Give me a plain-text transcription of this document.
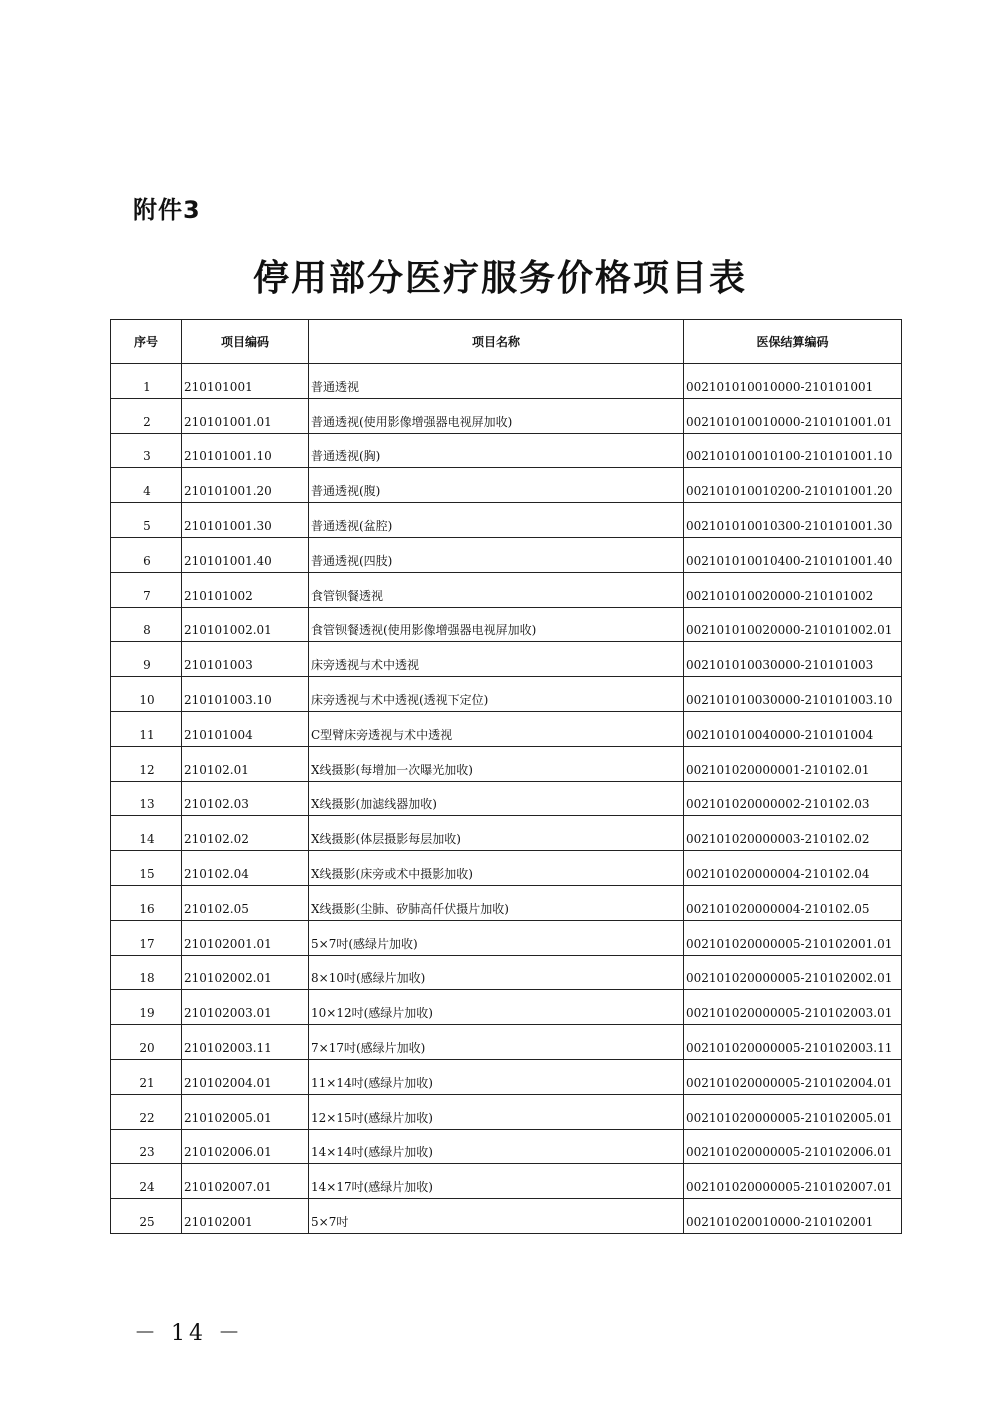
附件3
停用部分医疗服务价格项目表
序号	项目编码	项目名称	医保结算编码
1	210101001	普通透视	002101010010000-210101001
2	210101001.01	普通透视(使用影像增强器电视屏加收)	002101010010000-210101001.01
3	210101001.10	普通透视(胸)	002101010010100-210101001.10
4	210101001.20	普通透视(腹)	002101010010200-210101001.20
5	210101001.30	普通透视(盆腔)	002101010010300-210101001.30
6	210101001.40	普通透视(四肢)	002101010010400-210101001.40
7	210101002	食管钡餐透视	002101010020000-210101002
8	210101002.01	食管钡餐透视(使用影像增强器电视屏加收)	002101010020000-210101002.01
9	210101003	床旁透视与术中透视	002101010030000-210101003
10	210101003.10	床旁透视与术中透视(透视下定位)	002101010030000-210101003.10
11	210101004	C型臂床旁透视与术中透视	002101010040000-210101004
12	210102.01	X线摄影(每增加一次曝光加收)	002101020000001-210102.01
13	210102.03	X线摄影(加滤线器加收)	002101020000002-210102.03
14	210102.02	X线摄影(体层摄影每层加收)	002101020000003-210102.02
15	210102.04	X线摄影(床旁或术中摄影加收)	002101020000004-210102.04
16	210102.05	X线摄影(尘肺、矽肺高仟伏摄片加收)	002101020000004-210102.05
17	210102001.01	5×7吋(感绿片加收)	002101020000005-210102001.01
18	210102002.01	8×10吋(感绿片加收)	002101020000005-210102002.01
19	210102003.01	10×12吋(感绿片加收)	002101020000005-210102003.01
20	210102003.11	7×17吋(感绿片加收)	002101020000005-210102003.11
21	210102004.01	11×14吋(感绿片加收)	002101020000005-210102004.01
22	210102005.01	12×15吋(感绿片加收)	002101020000005-210102005.01
23	210102006.01	14×14吋(感绿片加收)	002101020000005-210102006.01
24	210102007.01	14×17吋(感绿片加收)	002101020000005-210102007.01
25	210102001	5×7吋	002101020010000-210102001
－ 14 －
